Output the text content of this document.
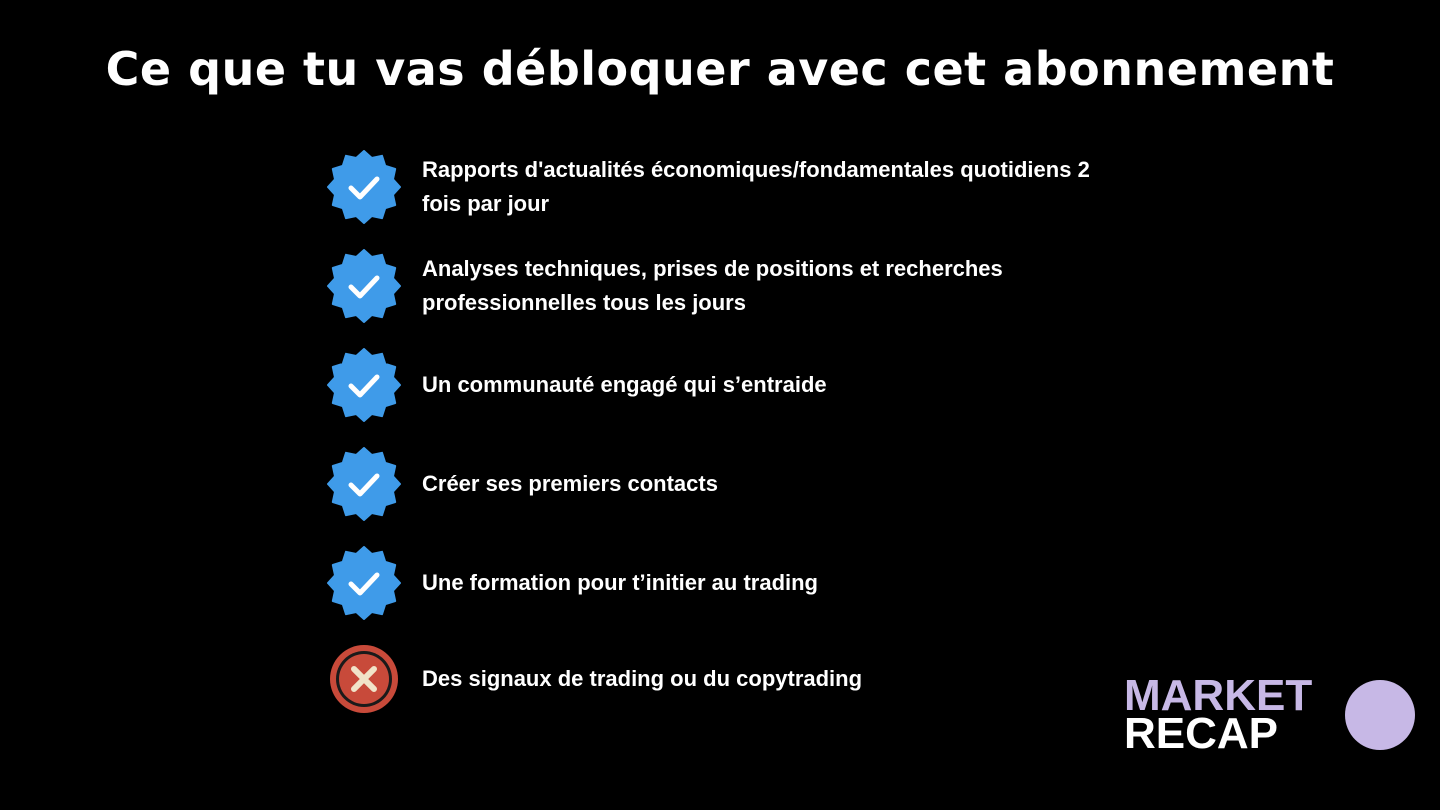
Ce que tu vas débloquer avec cet abonnement
Rapports d'actualités économiques/fondamentales quotidiens 2 fois par jour
Analyses techniques, prises de positions et recherches professionnelles tous les jours
Un communauté engagé qui s’entraide
Créer ses premiers contacts
Une formation pour t’initier au trading
Des signaux de trading ou du copytrading	MARKET
RECAP
